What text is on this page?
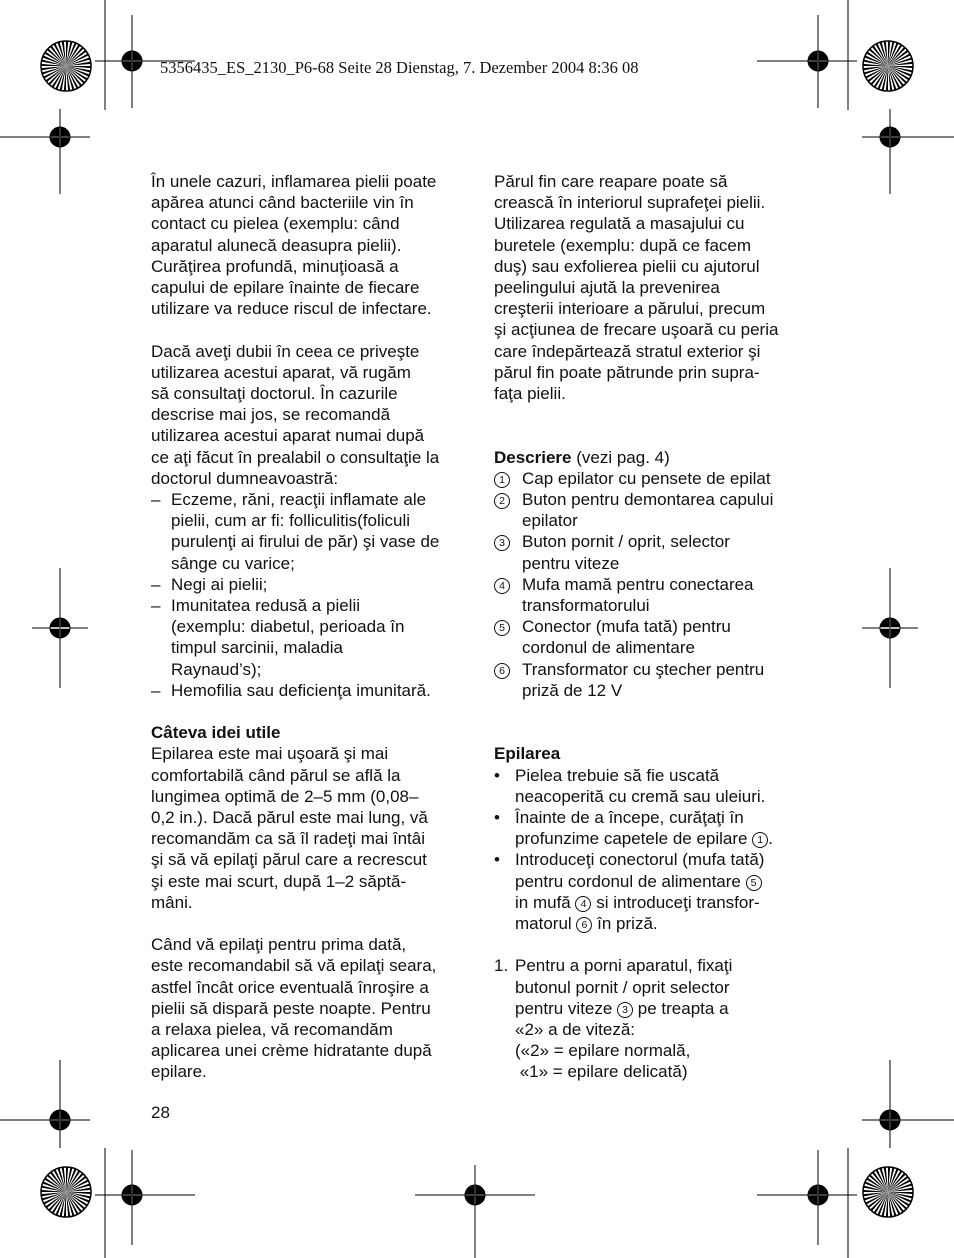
5356435_ES_2130_P6-68 Seite 28 Dienstag, 7. Dezember 2004 8:36 08

În unele cazuri, inflamarea pielii poate

apărea atunci când bacteriile vin în

contact cu pielea (exemplu: când

aparatul alunecă deasupra pielii).

Curăţirea profundă, minuţioasă a

capului de epilare înainte de fiecare

utilizare va reduce riscul de infectare.

Dacă aveţi dubii în ceea ce priveşte

utilizarea acestui aparat, vă rugăm

să consultaţi doctorul. În cazurile

descrise mai jos, se recomandă

utilizarea acestui aparat numai după

ce aţi făcut în prealabil o consultaţie la

doctorul dumneavoastră:

– Eczeme, răni, reacţii inflamate ale

pielii, cum ar fi: folliculitis(foliculi

purulenţi ai firului de păr) şi vase de

sânge cu varice;

– Negi ai pielii;

– Imunitatea redusă a pielii

(exemplu: diabetul, perioada în

timpul sarcinii, maladia

Raynaud’s);

– Hemofilia sau deficienţa imunitară.

Câteva idei utile

Epilarea este mai uşoară şi mai

comfortabilă când părul se află la

lungimea optimă de 2–5 mm (0,08–

0,2 in.). Dacă părul este mai lung, vă

recomandăm ca să îl radeţi mai întâi

şi să vă epilaţi părul care a recrescut

şi este mai scurt, după 1–2 săptă-

mâni.

Când vă epilaţi pentru prima dată,

este recomandabil să vă epilaţi seara,

astfel încât orice eventuală înroşire a

pielii să dispară peste noapte. Pentru

a relaxa pielea, vă recomandăm

aplicarea unei crème hidratante după

epilare.

Părul fin care reapare poate să

crească în interiorul suprafeţei pielii.

Utilizarea regulată a masajului cu

buretele (exemplu: după ce facem

duş) sau exfolierea pielii cu ajutorul

peelingului ajută la prevenirea

creşterii interioare a părului, precum

şi acţiunea de frecare uşoară cu peria

care îndepărtează stratul exterior şi

părul fin poate pătrunde prin supra-

faţa pielii.

Descriere (vezi pag. 4)

1	Cap epilator cu pensete de epilat

2	Buton pentru demontarea capului

epilator

3	Buton pornit / oprit, selector

pentru viteze

4	Mufa mamă pentru conectarea

transformatorului

5	Conector (mufa tată) pentru

cordonul de alimentare

6	Transformator cu ştecher pentru

priză de 12 V

Epilarea

• Pielea trebuie să fie uscată

neacoperită cu cremă sau uleiuri.

• Înainte de a începe, curăţaţi în

profunzime capetele de epilare 1 .

• Introduceţi conectorul (mufa tată)

pentru cordonul de alimentare 5

in mufă 4 si introduceţi transfor-

matorul 6 în priză.

1. Pentru a porni aparatul, fixaţi

butonul pornit / oprit selector

pentru viteze 3 pe treapta a

«2» a de viteză:

(«2» = epilare normală,

«1» = epilare delicată)

28
